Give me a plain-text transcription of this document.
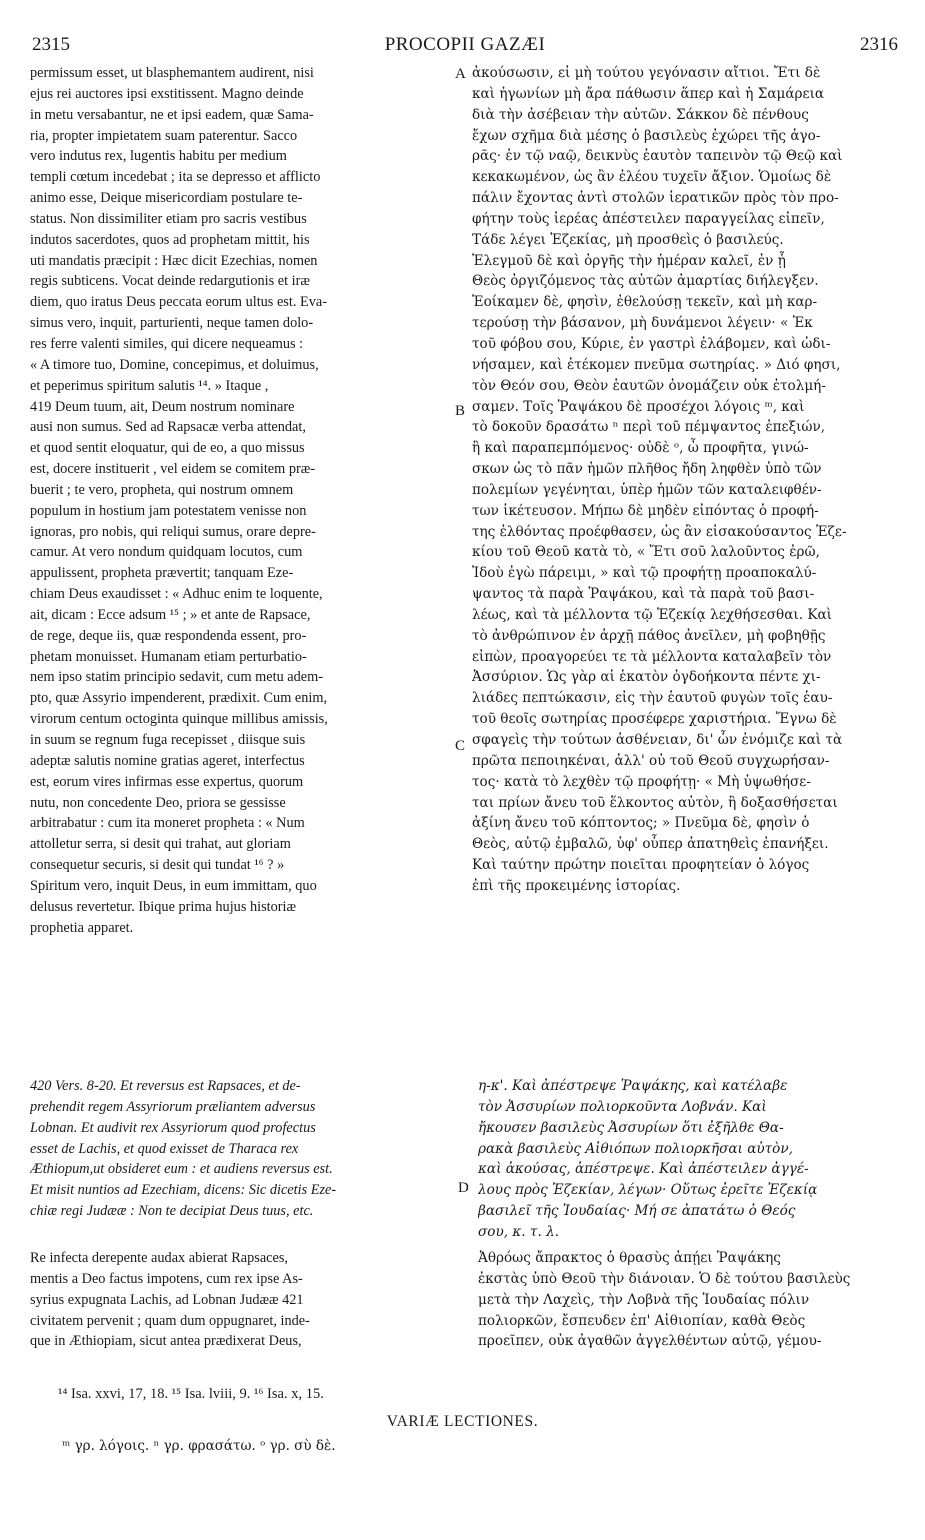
2315	PROCOPII GAZÆI	2316
permissum esset, ut blasphemantem audirent, nisi
ejus rei auctores ipsi exstitissent. Magno deinde
in metu versabantur, ne et ipsi eadem, quæ Sama-
ria, propter impietatem suam paterentur. Sacco
vero indutus rex, lugentis habitu per medium
templi cœtum incedebat ; ita se depresso et afflicto
animo esse, Deique misericordiam postulare te-
status. Non dissimiliter etiam pro sacris vestibus
indutos sacerdotes, quos ad prophetam mittit, his
uti mandatis præcipit : Hæc dicit Ezechias, nomen
regis subticens. Vocat deinde redargutionis et iræ
diem, quo iratus Deus peccata eorum ultus est. Eva-
simus vero, inquit, parturienti, neque tamen dolo-
res ferre valenti similes, qui dicere nequeamus :
« A timore tuo, Domine, concepimus, et doluimus,
et peperimus spiritum salutis ¹⁴. » Itaque ,
419 Deum tuum, ait, Deum nostrum nominare
ausi non sumus. Sed ad Rapsacæ verba attendat,
et quod sentit eloquatur, qui de eo, a quo missus
est, docere instituerit , vel eidem se comitem præ-
buerit ; te vero, propheta, qui nostrum omnem
populum in hostium jam potestatem venisse non
ignoras, pro nobis, qui reliqui sumus, orare depre-
camur. At vero nondum quidquam locutos, cum
appulissent, propheta prævertit; tanquam Eze-
chiam Deus exaudisset : « Adhuc enim te loquente,
ait, dicam : Ecce adsum ¹⁵ ; » et ante de Rapsace,
de rege, deque iis, quæ respondenda essent, pro-
phetam monuisset. Humanam etiam perturbatio-
nem ipso statim principio sedavit, cum metu adem-
pto, quæ Assyrio impenderent, prædixit. Cum enim,
virorum centum octoginta quinque millibus amissis,
in suum se regnum fuga recepisset , diisque suis
adeptæ salutis nomine gratias ageret, interfectus
est, eorum vires infirmas esse expertus, quorum
nutu, non concedente Deo, priora se gessisse
arbitrabatur : cum ita moneret propheta : « Num
attolletur serra, si desit qui trahat, aut gloriam
consequetur securis, si desit qui tundat ¹⁶ ? »
Spiritum vero, inquit Deus, in eum immittam, quo
delusus revertetur. Ibique prima hujus historiæ
prophetia apparet.
ἀκούσωσιν, εἰ μὴ τούτου γεγόνασιν αἴτιοι. Ἔτι δὲ
καὶ ἠγωνίων μὴ ἄρα πάθωσιν ἅπερ καὶ ἡ Σαμάρεια
διὰ τὴν ἀσέβειαν τὴν αὐτῶν. Σάκκον δὲ πένθους
ἔχων σχῆμα διὰ μέσης ὁ βασιλεὺς ἐχώρει τῆς ἀγο-
ρᾶς· ἐν τῷ ναῷ, δεικνὺς ἑαυτὸν ταπεινὸν τῷ Θεῷ καὶ
κεκακωμένον, ὡς ἂν ἐλέου τυχεῖν ἄξιον. Ὁμοίως δὲ
πάλιν ἔχοντας ἀντὶ στολῶν ἱερατικῶν πρὸς τὸν προ-
φήτην τοὺς ἱερέας ἀπέστειλεν παραγγείλας εἰπεῖν,
Τάδε λέγει Ἐζεκίας, μὴ προσθεὶς ὁ βασιλεύς.
Ἐλεγμοῦ δὲ καὶ ὀργῆς τὴν ἡμέραν καλεῖ, ἐν ᾗ
Θεὸς ὀργιζόμενος τὰς αὐτῶν ἁμαρτίας διήλεγξεν.
Ἐοίκαμεν δὲ, φησὶν, ἐθελούσῃ τεκεῖν, καὶ μὴ καρ-
τερούσῃ τὴν βάσανον, μὴ δυνάμενοι λέγειν· « Ἐκ
τοῦ φόβου σου, Κύριε, ἐν γαστρὶ ἐλάβομεν, καὶ ὠδι-
νήσαμεν, καὶ ἐτέκομεν πνεῦμα σωτηρίας. » Διό φησι,
τὸν Θεόν σου, Θεὸν ἑαυτῶν ὀνομάζειν οὐκ ἐτολμή-
σαμεν. Τοῖς Ῥαψάκου δὲ προσέχοι λόγοις ᵐ, καὶ
τὸ δοκοῦν δρασάτω ⁿ περὶ τοῦ πέμψαντος ἐπεξιών,
ἢ καὶ παραπεμπόμενος· οὐδὲ ᵒ, ὦ προφῆτα, γινώ-
σκων ὡς τὸ πᾶν ἡμῶν πλῆθος ἤδη ληφθὲν ὑπὸ τῶν
πολεμίων γεγένηται, ὑπὲρ ἡμῶν τῶν καταλειφθέν-
των ἱκέτευσον. Μήπω δὲ μηδὲν εἰπόντας ὁ προφή-
της ἐλθόντας προέφθασεν, ὡς ἂν εἰσακούσαντος Ἐζε-
κίου τοῦ Θεοῦ κατὰ τὸ, « Ἔτι σοῦ λαλοῦντος ἐρῶ,
Ἰδοὺ ἐγὼ πάρειμι, » καὶ τῷ προφήτῃ προαποκαλύ-
ψαντος τὰ παρὰ Ῥαψάκου, καὶ τὰ παρὰ τοῦ βασι-
λέως, καὶ τὰ μέλλοντα τῷ Ἐζεκίᾳ λεχθήσεσθαι. Καὶ
τὸ ἀνθρώπινον ἐν ἀρχῇ πάθος ἀνεῖλεν, μὴ φοβηθῇς
εἰπὼν, προαγορεύει τε τὰ μέλλοντα καταλαβεῖν τὸν
Ἀσσύριον. Ὡς γὰρ αἱ ἑκατὸν ὀγδοήκοντα πέντε χι-
λιάδες πεπτώκασιν, εἰς τὴν ἑαυτοῦ φυγὼν τοῖς ἑαυ-
τοῦ θεοῖς σωτηρίας προσέφερε χαριστήρια. Ἔγνω δὲ
σφαγεὶς τὴν τούτων ἀσθένειαν, δι' ὧν ἐνόμιζε καὶ τὰ
πρῶτα πεποιηκέναι, ἀλλ' οὐ τοῦ Θεοῦ συγχωρήσαν-
τος· κατὰ τὸ λεχθὲν τῷ προφήτῃ· « Μὴ ὑψωθήσε-
ται πρίων ἄνευ τοῦ ἕλκοντος αὐτὸν, ἢ δοξασθήσεται
ἀξίνη ἄνευ τοῦ κόπτοντος; » Πνεῦμα δὲ, φησὶν ὁ
Θεὸς, αὐτῷ ἐμβαλῶ, ὑφ' οὗπερ ἀπατηθεὶς ἐπανήξει.
Καὶ ταύτην πρώτην ποιεῖται προφητείαν ὁ λόγος
ἐπὶ τῆς προκειμένης ἱστορίας.
A
B
C
D
420 Vers. 8-20. Et reversus est Rapsaces, et de-
prehendit regem Assyriorum præliantem adversus
Lobnan. Et audivit rex Assyriorum quod profectus
esset de Lachis, et quod exisset de Tharaca rex
Æthiopum,ut obsideret eum : et audiens reversus est.
Et misit nuntios ad Ezechiam, dicens: Sic dicetis Eze-
chiæ regi Judææ : Non te decipiat Deus tuus, etc.
η-κ'. Καὶ ἀπέστρεψε Ῥαψάκης, καὶ κατέλαβε
τὸν Ἀσσυρίων πολιορκοῦντα Λοβνάν. Καὶ
ἤκουσεν βασιλεὺς Ἀσσυρίων ὅτι ἐξῆλθε Θα-
ρακὰ βασιλεὺς Αἰθιόπων πολιορκῆσαι αὐτὸν,
καὶ ἀκούσας, ἀπέστρεψε. Καὶ ἀπέστειλεν ἀγγέ-
λους πρὸς Ἐζεκίαν, λέγων· Οὕτως ἐρεῖτε Ἐζεκίᾳ
βασιλεῖ τῆς Ἰουδαίας· Μή σε ἀπατάτω ὁ Θεός
σου, κ. τ. λ.
Re infecta derepente audax abierat Rapsaces,
mentis a Deo factus impotens, cum rex ipse As-
syrius expugnata Lachis, ad Lobnan Judææ 421
civitatem pervenit ; quam dum oppugnaret, inde-
que in Æthiopiam, sicut antea prædixerat Deus,
Ἀθρόως ἄπρακτος ὁ θρασὺς ἀπῄει Ῥαψάκης
ἐκστὰς ὑπὸ Θεοῦ τὴν διάνοιαν. Ὁ δὲ τούτου βασιλεὺς
μετὰ τὴν Λαχεὶς, τὴν Λοβνὰ τῆς Ἰουδαίας πόλιν
πολιορκῶν, ἔσπευδεν ἐπ' Αἰθιοπίαν, καθὰ Θεὸς
προεῖπεν, οὐκ ἀγαθῶν ἀγγελθέντων αὐτῷ, γέμου-
¹⁴ Isa. xxvi, 17, 18. ¹⁵ Isa. lviii, 9. ¹⁶ Isa. x, 15.
VARIÆ LECTIONES.
ᵐ γρ. λόγοις. ⁿ γρ. φρασάτω. ᵒ γρ. σὺ δὲ.
